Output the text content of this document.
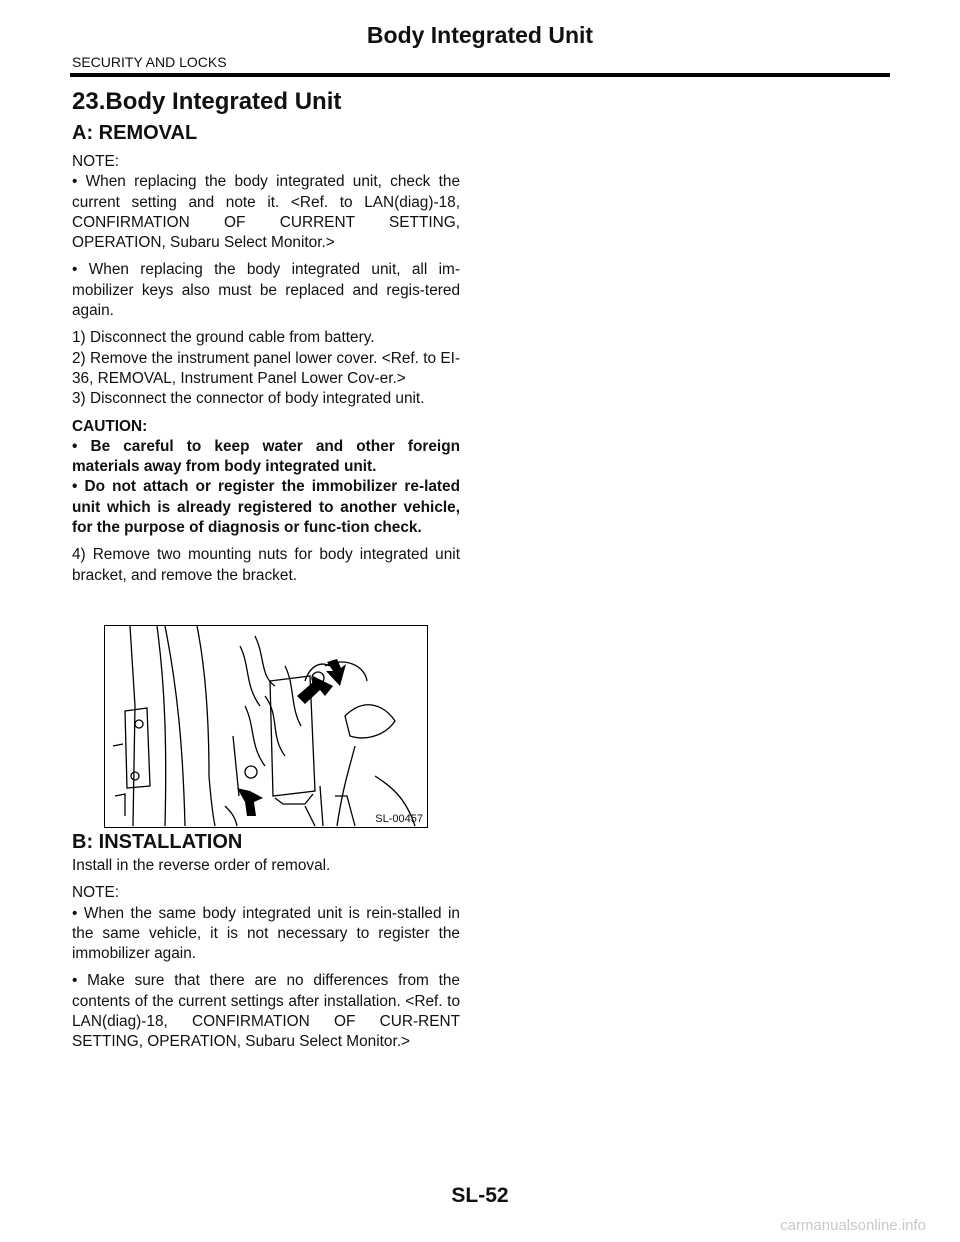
Body Integrated Unit
SECURITY AND LOCKS
23.Body Integrated Unit
A: REMOVAL

NOTE:

• When replacing the body integrated unit, check the current setting and note it. <Ref. to LAN(diag)-18, CONFIRMATION OF CURRENT SETTING, OPERATION, Subaru Select Monitor.>

• When replacing the body integrated unit, all im-mobilizer keys also must be replaced and regis-tered again.

1) Disconnect the ground cable from battery.

2) Remove the instrument panel lower cover. <Ref. to EI-36, REMOVAL, Instrument Panel Lower Cov-er.>

3) Disconnect the connector of body integrated unit.

CAUTION:

• Be careful to keep water and other foreign materials away from body integrated unit.

• Do not attach or register the immobilizer re-lated unit which is already registered to another vehicle, for the purpose of diagnosis or func-tion check.

4) Remove two mounting nuts for body integrated unit bracket, and remove the bracket.

SL-00457
B: INSTALLATION

Install in the reverse order of removal.

NOTE:

• When the same body integrated unit is rein-stalled in the same vehicle, it is not necessary to register the immobilizer again.

• Make sure that there are no differences from the contents of the current settings after installation. <Ref. to LAN(diag)-18, CONFIRMATION OF CUR-RENT SETTING, OPERATION, Subaru Select Monitor.>

SL-52
carmanualsonline.info
